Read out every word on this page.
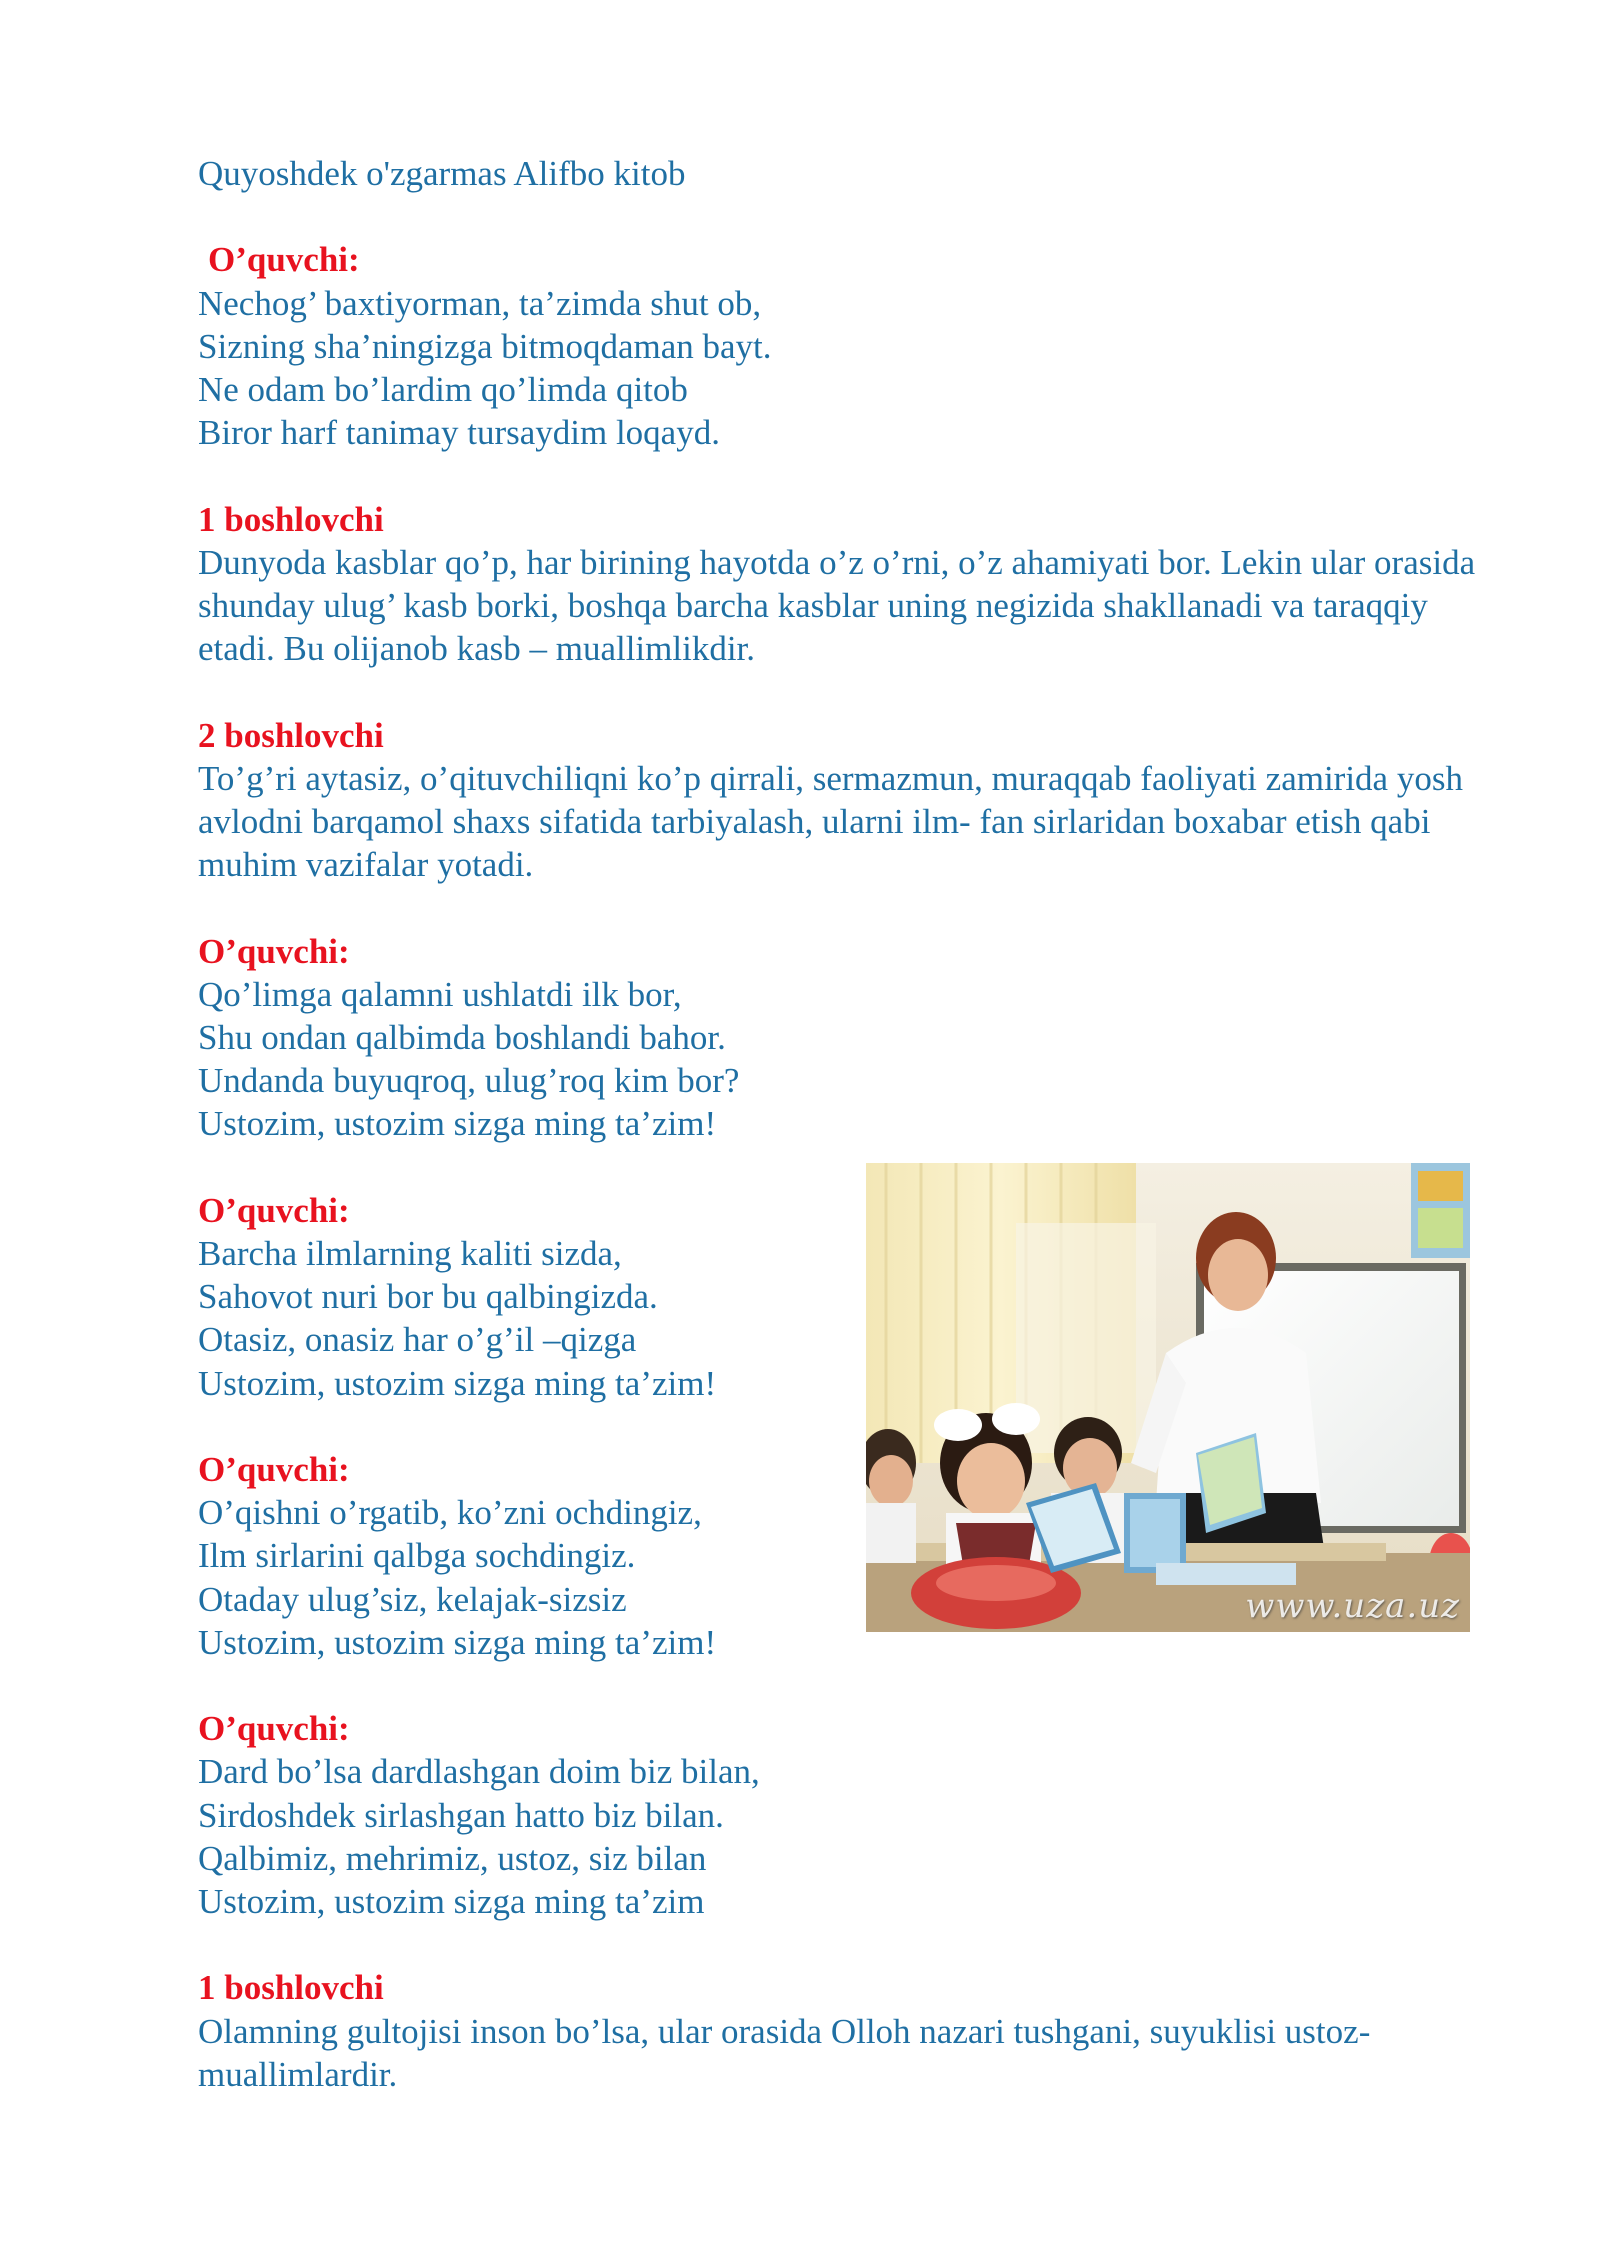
Quyoshdek o'zgarmas Alifbo kitob
O’quvchi:
Nechog’ baxtiyorman, ta’zimda shut ob,
Sizning sha’ningizga bitmoqdaman bayt.
Ne odam bo’lardim qo’limda qitob
Biror harf tanimay tursaydim loqayd.
1 boshlovchi
Dunyoda kasblar qo’p, har birining hayotda o’z o’rni, o’z ahamiyati bor. Lekin ular orasida shunday ulug’ kasb borki, boshqa barcha kasblar uning negizida shakllanadi va taraqqiy etadi. Bu olijanob kasb – muallimlikdir.
2 boshlovchi
To’g’ri aytasiz, o’qituvchiliqni ko’p qirrali, sermazmun, muraqqab faoliyati zamirida yosh avlodni barqamol shaxs sifatida tarbiyalash, ularni ilm- fan sirlaridan boxabar etish qabi muhim vazifalar yotadi.
O’quvchi:
Qo’limga qalamni ushlatdi ilk bor,
Shu ondan qalbimda boshlandi bahor.
Undanda buyuqroq, ulug’roq kim bor?
Ustozim, ustozim sizga ming ta’zim!
O’quvchi:
Barcha ilmlarning kaliti sizda,
Sahovot nuri bor bu qalbingizda.
Otasiz, onasiz har o’g’il –qizga
Ustozim, ustozim sizga ming ta’zim!
O’quvchi:
O’qishni o’rgatib, ko’zni ochdingiz,
Ilm sirlarini qalbga sochdingiz.
Otaday ulug’siz, kelajak-sizsiz
Ustozim, ustozim sizga ming ta’zim!
O’quvchi:
Dard bo’lsa dardlashgan doim biz bilan,
Sirdoshdek sirlashgan hatto biz bilan.
Qalbimiz, mehrimiz, ustoz, siz bilan
Ustozim, ustozim sizga ming ta’zim
1 boshlovchi
Olamning gultojisi inson bo’lsa, ular orasida Olloh nazari tushgani, suyuklisi ustoz-muallimlardir.
www.uza.uz
